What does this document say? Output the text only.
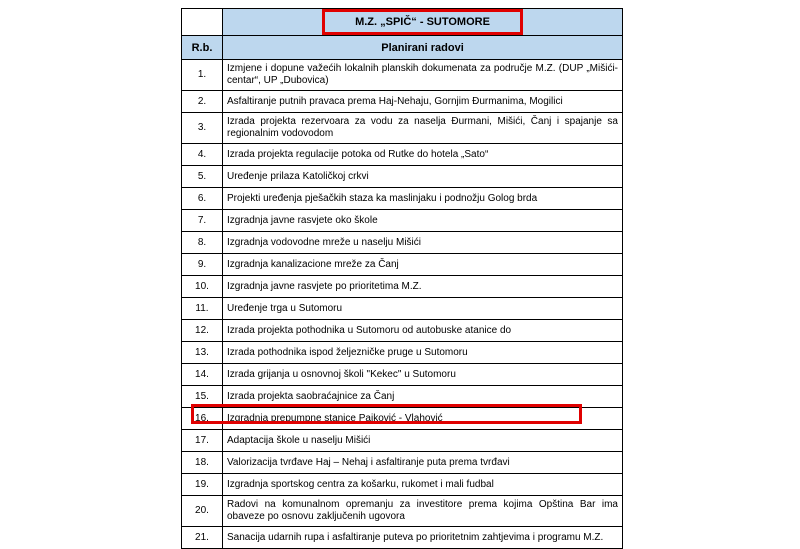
	M.Z. „SPIČ“ - SUTOMORE
R.b.	Planirani radovi
1.	Izmjene i dopune važećih lokalnih planskih dokumenata za područje M.Z. (DUP „Mišići-centar“, UP „Dubovica)
2.	Asfaltiranje putnih pravaca prema Haj-Nehaju, Gornjim Đurmanima, Mogilici
3.	Izrada projekta rezervoara za vodu za naselja Đurmani, Mišići, Čanj i spajanje sa regionalnim vodovodom
4.	Izrada projekta regulacije potoka od Rutke do hotela „Sato“
5.	Uređenje prilaza Katoličkoj crkvi
6.	Projekti uređenja pješačkih staza ka maslinjaku i podnožju Golog brda
7.	Izgradnja javne rasvjete oko škole
8.	Izgradnja vodovodne mreže u naselju Mišići
9.	Izgradnja kanalizacione mreže za Čanj
10.	Izgradnja javne rasvjete po prioritetima M.Z.
11.	Uređenje trga u Sutomoru
12.	Izrada projekta pothodnika u Sutomoru od autobuske atanice do
13.	Izrada pothodnika ispod željezničke pruge u Sutomoru
14.	Izrada grijanja u osnovnoj školi "Kekec" u Sutomoru
15.	Izrada projekta saobraćajnice za Čanj
16.	Izgradnja prepumpne stanice Pajković - Vlahović
17.	Adaptacija škole u naselju Mišići
18.	Valorizacija tvrđave Haj – Nehaj i asfaltiranje puta prema tvrđavi
19.	Izgradnja sportskog centra za košarku, rukomet i mali fudbal
20.	Radovi na komunalnom opremanju za investitore prema kojima Opština Bar ima obaveze po osnovu zaključenih ugovora
21.	Sanacija udarnih rupa i asfaltiranje puteva po prioritetnim zahtjevima i programu M.Z.
